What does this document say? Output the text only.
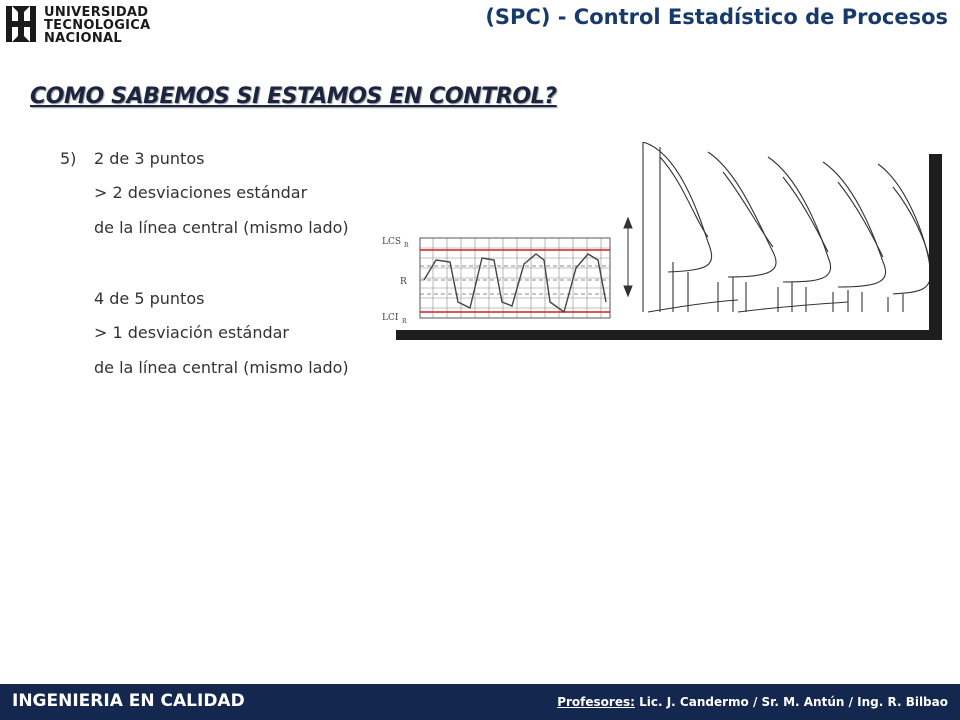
UNIVERSIDAD
TECNOLOGICA
NACIONAL
(SPC) - Control Estadístico de Procesos
COMO SABEMOS SI ESTAMOS EN CONTROL?
5) 2 de 3 puntos
> 2 desviaciones estándar
de la línea central (mismo lado)
4 de 5 puntos
> 1 desviación estándar
de la línea central (mismo lado)
LCS R
R
LCI R
INGENIERIA EN CALIDAD	Profesores: Lic. J. Candermo / Sr. M. Antún / Ing. R. Bilbao
